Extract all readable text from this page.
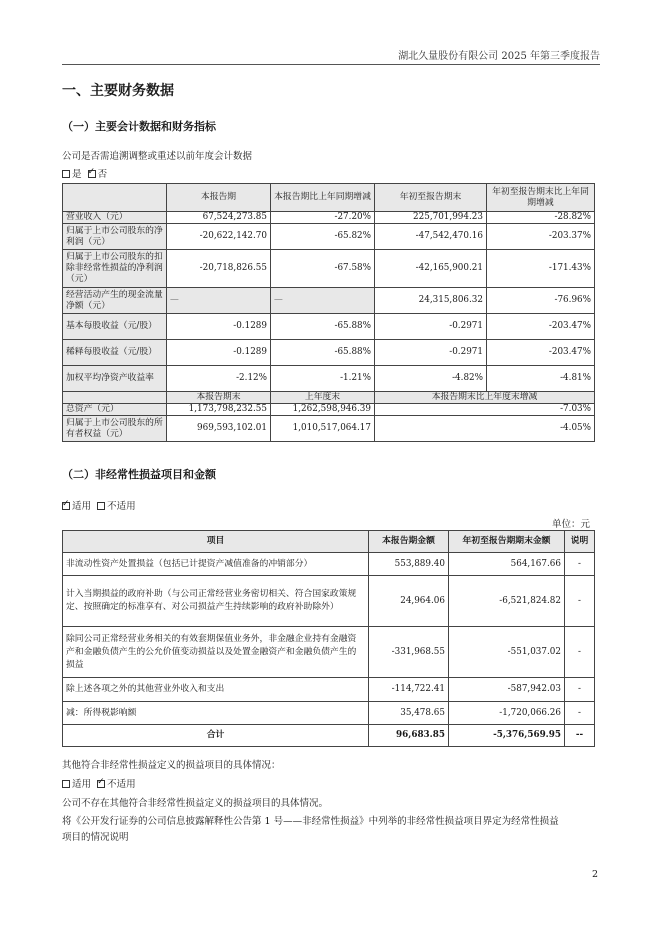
湖北久量股份有限公司 2025 年第三季度报告
一、主要财务数据
（一）主要会计数据和财务指标
公司是否需追溯调整或重述以前年度会计数据
是 ✓ 否
	本报告期	本报告期比上年同期增减	年初至报告期末	年初至报告期末比上年同期增减
营业收入（元）	67,524,273.85	-27.20%	225,701,994.23	-28.82%
归属于上市公司股东的净利润（元）	-20,622,142.70	-65.82%	-47,542,470.16	-203.37%
归属于上市公司股东的扣除非经常性损益的净利润（元）	-20,718,826.55	-67.58%	-42,165,900.21	-171.43%
经营活动产生的现金流量净额（元）	—	—	24,315,806.32	-76.96%
基本每股收益（元/股）	-0.1289	-65.88%	-0.2971	-203.47%
稀释每股收益（元/股）	-0.1289	-65.88%	-0.2971	-203.47%
加权平均净资产收益率	-2.12%	-1.21%	-4.82%	-4.81%
	本报告期末	上年度末	本报告期末比上年度末增减	
总资产（元）	1,173,798,232.55	1,262,598,946.39	-7.03%	
归属于上市公司股东的所有者权益（元）	969,593,102.01	1,010,517,064.17	-4.05%	
（二）非经常性损益项目和金额
✓适用 不适用
单位：元
项目	本报告期金额	年初至报告期期末金额	说明
非流动性资产处置损益（包括已计提资产减值准备的冲销部分）	553,889.40	564,167.66	-
计入当期损益的政府补助（与公司正常经营业务密切相关、符合国家政策规定、按照确定的标准享有、对公司损益产生持续影响的政府补助除外）	24,964.06	-6,521,824.82	-
除同公司正常经营业务相关的有效套期保值业务外，非金融企业持有金融资产和金融负债产生的公允价值变动损益以及处置金融资产和金融负债产生的损益	-331,968.55	-551,037.02	-
除上述各项之外的其他营业外收入和支出	-114,722.41	-587,942.03	-
减：所得税影响额	35,478.65	-1,720,066.26	-
合计	96,683.85	-5,376,569.95	--
其他符合非经常性损益定义的损益项目的具体情况：
适用 ✓ 不适用
公司不存在其他符合非经常性损益定义的损益项目的具体情况。
将《公开发行证券的公司信息披露解释性公告第 1 号——非经常性损益》中列举的非经常性损益项目界定为经常性损益
项目的情况说明
2
